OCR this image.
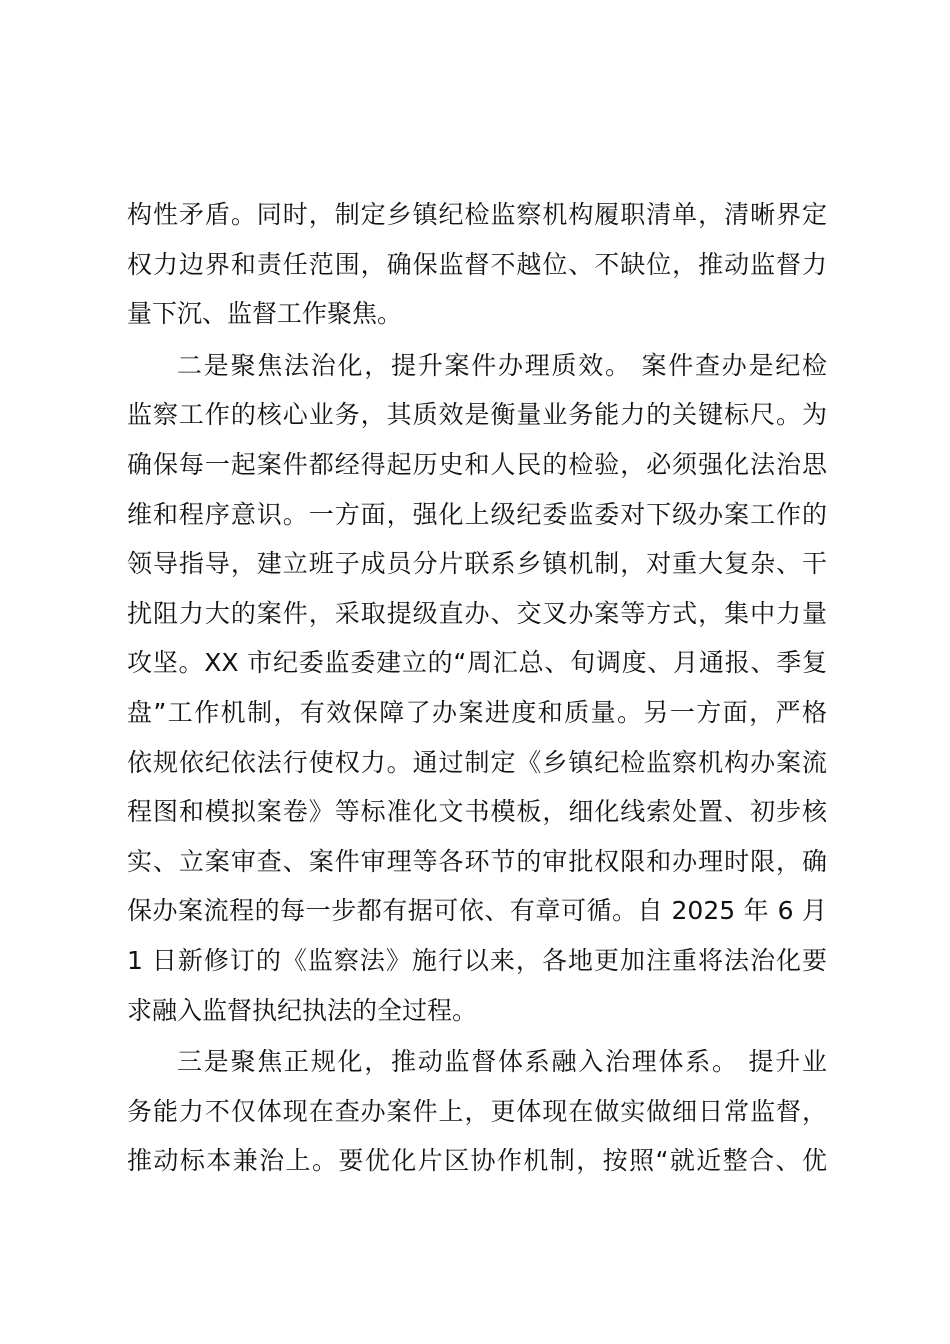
构性矛盾。同时，制定乡镇纪检监察机构履职清单，清晰界定
权力边界和责任范围，确保监督不越位、不缺位，推动监督力
量下沉、监督工作聚焦。
二是聚焦法治化，提升案件办理质效。 案件查办是纪检
监察工作的核心业务，其质效是衡量业务能力的关键标尺。为
确保每一起案件都经得起历史和人民的检验，必须强化法治思
维和程序意识。一方面，强化上级纪委监委对下级办案工作的
领导指导，建立班子成员分片联系乡镇机制，对重大复杂、干
扰阻力大的案件，采取提级直办、交叉办案等方式，集中力量
攻坚。XX 市纪委监委建立的“周汇总、旬调度、月通报、季复
盘”工作机制，有效保障了办案进度和质量。另一方面，严格
依规依纪依法行使权力。通过制定《乡镇纪检监察机构办案流
程图和模拟案卷》等标准化文书模板，细化线索处置、初步核
实、立案审查、案件审理等各环节的审批权限和办理时限，确
保办案流程的每一步都有据可依、有章可循。自 2025 年 6 月
1 日新修订的《监察法》施行以来，各地更加注重将法治化要
求融入监督执纪执法的全过程。
三是聚焦正规化，推动监督体系融入治理体系。 提升业
务能力不仅体现在查办案件上，更体现在做实做细日常监督，
推动标本兼治上。要优化片区协作机制，按照“就近整合、优
